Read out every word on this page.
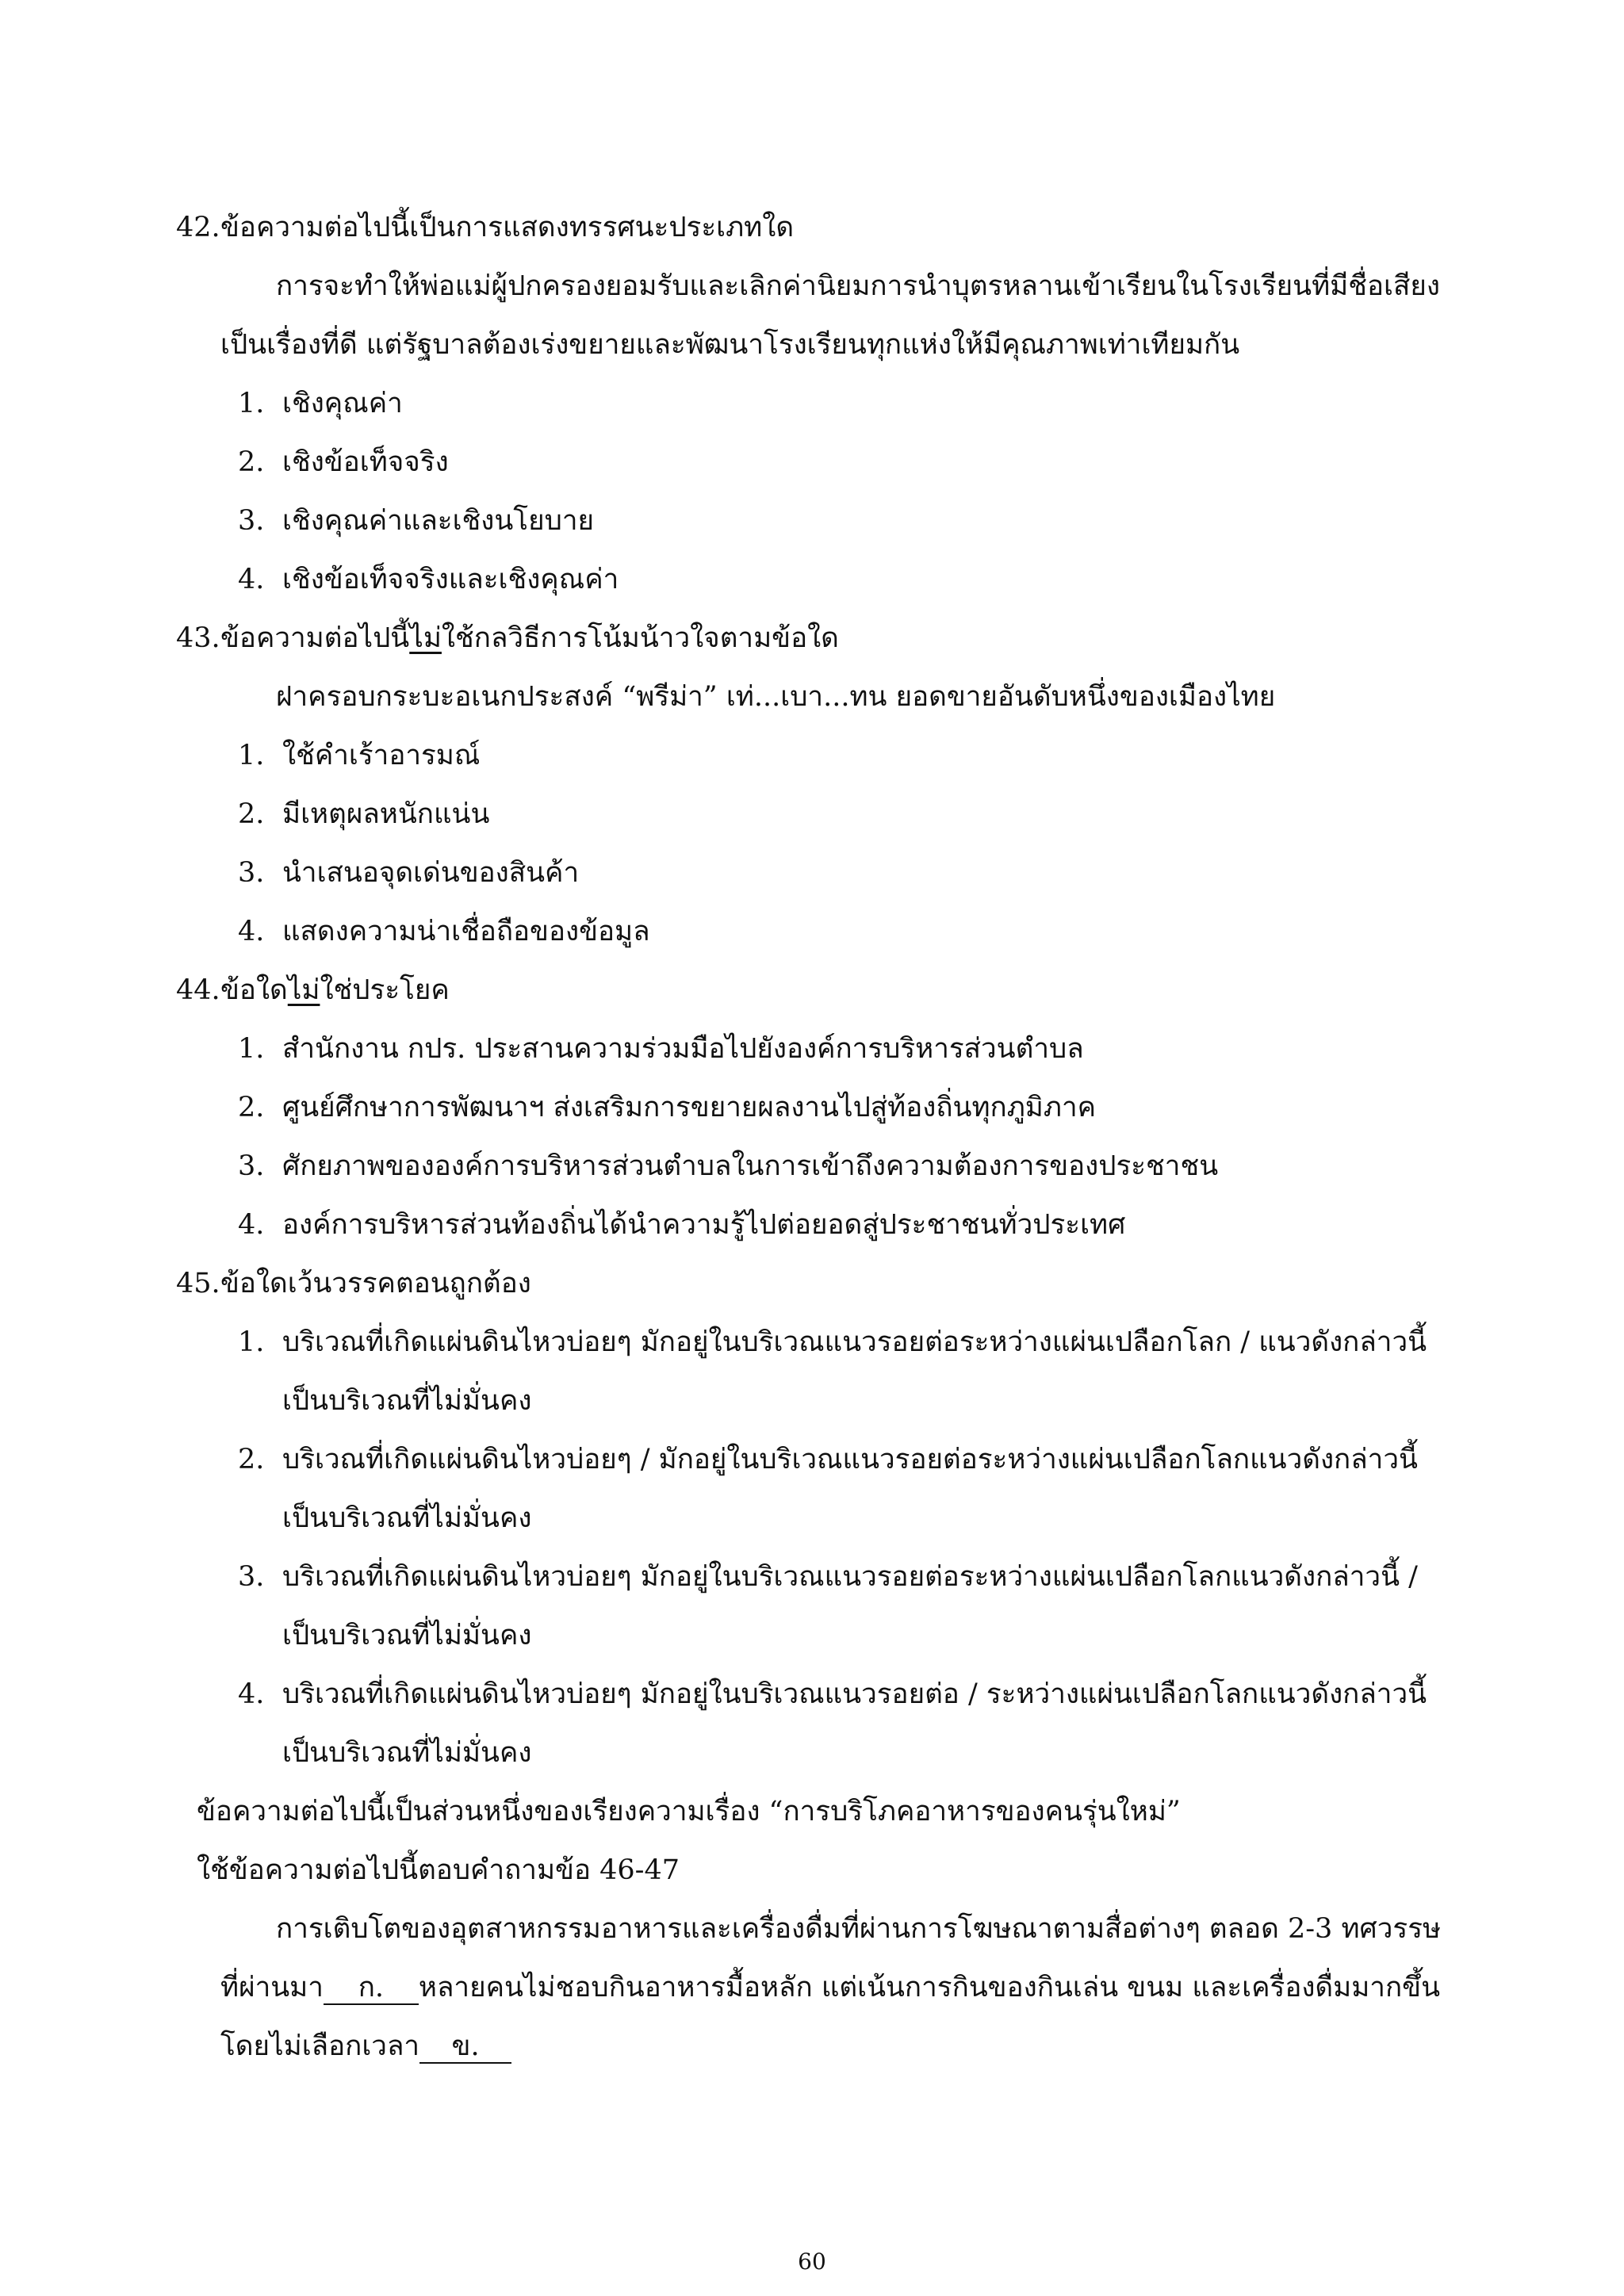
42.ข้อความต่อไปนี้เป็นการแสดงทรรศนะประเภทใด
การจะทำให้พ่อแม่ผู้ปกครองยอมรับและเลิกค่านิยมการนำบุตรหลานเข้าเรียนในโรงเรียนที่มีชื่อเสียง
เป็นเรื่องที่ดี แต่รัฐบาลต้องเร่งขยายและพัฒนาโรงเรียนทุกแห่งให้มีคุณภาพเท่าเทียมกัน
1. เชิงคุณค่า
2. เชิงข้อเท็จจริง
3. เชิงคุณค่าและเชิงนโยบาย
4. เชิงข้อเท็จจริงและเชิงคุณค่า
43.ข้อความต่อไปนี้ไม่ใช้กลวิธีการโน้มน้าวใจตามข้อใด
ฝาครอบกระบะอเนกประสงค์ “พรีม่า” เท่...เบา...ทน ยอดขายอันดับหนึ่งของเมืองไทย
1. ใช้คำเร้าอารมณ์
2. มีเหตุผลหนักแน่น
3. นำเสนอจุดเด่นของสินค้า
4. แสดงความน่าเชื่อถือของข้อมูล
44.ข้อใดไม่ใช่ประโยค
1. สำนักงาน กปร. ประสานความร่วมมือไปยังองค์การบริหารส่วนตำบล
2. ศูนย์ศึกษาการพัฒนาฯ ส่งเสริมการขยายผลงานไปสู่ท้องถิ่นทุกภูมิภาค
3. ศักยภาพขององค์การบริหารส่วนตำบลในการเข้าถึงความต้องการของประชาชน
4. องค์การบริหารส่วนท้องถิ่นได้นำความรู้ไปต่อยอดสู่ประชาชนทั่วประเทศ
45.ข้อใดเว้นวรรคตอนถูกต้อง
1. บริเวณที่เกิดแผ่นดินไหวบ่อยๆ มักอยู่ในบริเวณแนวรอยต่อระหว่างแผ่นเปลือกโลก / แนวดังกล่าวนี้
เป็นบริเวณที่ไม่มั่นคง
2. บริเวณที่เกิดแผ่นดินไหวบ่อยๆ / มักอยู่ในบริเวณแนวรอยต่อระหว่างแผ่นเปลือกโลกแนวดังกล่าวนี้
เป็นบริเวณที่ไม่มั่นคง
3. บริเวณที่เกิดแผ่นดินไหวบ่อยๆ มักอยู่ในบริเวณแนวรอยต่อระหว่างแผ่นเปลือกโลกแนวดังกล่าวนี้ /
เป็นบริเวณที่ไม่มั่นคง
4. บริเวณที่เกิดแผ่นดินไหวบ่อยๆ มักอยู่ในบริเวณแนวรอยต่อ / ระหว่างแผ่นเปลือกโลกแนวดังกล่าวนี้
เป็นบริเวณที่ไม่มั่นคง
ข้อความต่อไปนี้เป็นส่วนหนึ่งของเรียงความเรื่อง “การบริโภคอาหารของคนรุ่นใหม่”
ใช้ข้อความต่อไปนี้ตอบคำถามข้อ 46-47
การเติบโตของอุตสาหกรรมอาหารและเครื่องดื่มที่ผ่านการโฆษณาตามสื่อต่างๆ ตลอด 2-3 ทศวรรษ
ที่ผ่านมา ก. หลายคนไม่ชอบกินอาหารมื้อหลัก แต่เน้นการกินของกินเล่น ขนม และเครื่องดื่มมากขึ้น
โดยไม่เลือกเวลา ข.
60
